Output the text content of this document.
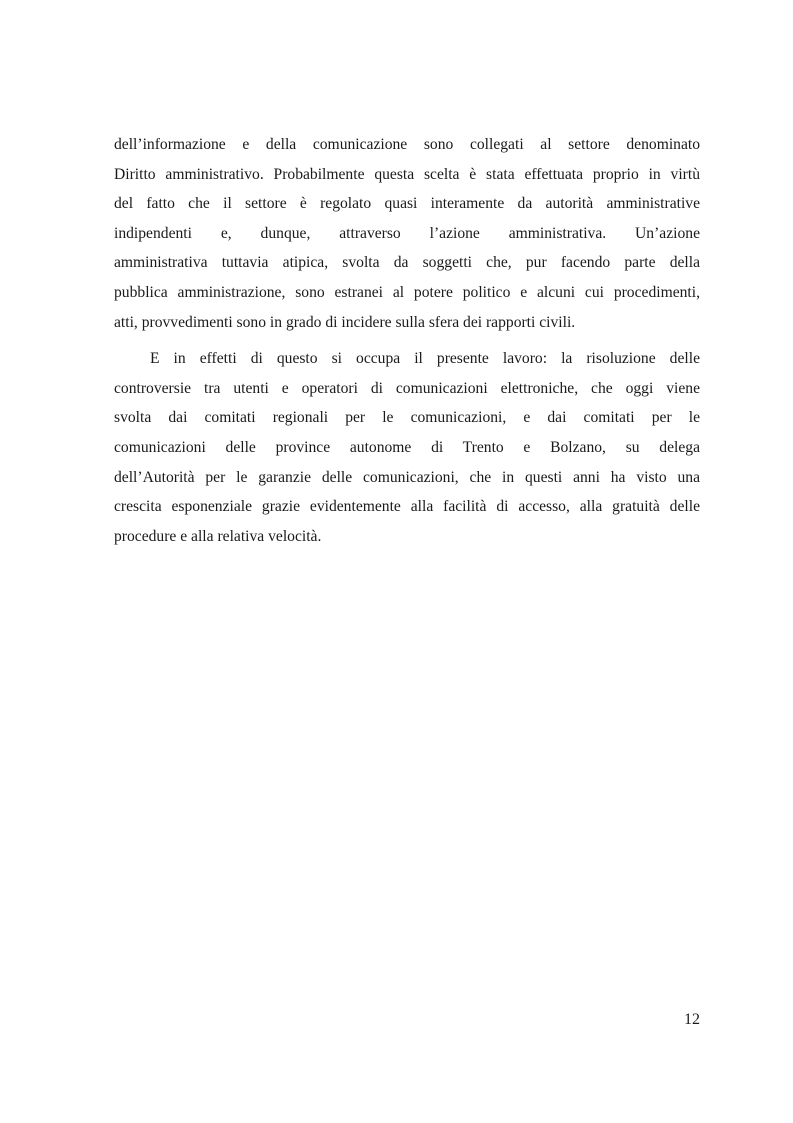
dell’informazione e della comunicazione sono collegati al settore denominato
Diritto amministrativo. Probabilmente questa scelta è stata effettuata proprio in virtù
del fatto che il settore è regolato quasi interamente da autorità amministrative
indipendenti e, dunque, attraverso l’azione amministrativa. Un’azione
amministrativa tuttavia atipica, svolta da soggetti che, pur facendo parte della
pubblica amministrazione, sono estranei al potere politico e alcuni cui procedimenti,
atti, provvedimenti sono in grado di incidere sulla sfera dei rapporti civili.
E in effetti di questo si occupa il presente lavoro: la risoluzione delle
controversie tra utenti e operatori di comunicazioni elettroniche, che oggi viene
svolta dai comitati regionali per le comunicazioni, e dai comitati per le
comunicazioni delle province autonome di Trento e Bolzano, su delega
dell’Autorità per le garanzie delle comunicazioni, che in questi anni ha visto una
crescita esponenziale grazie evidentemente alla facilità di accesso, alla gratuità delle
procedure e alla relativa velocità.
12
